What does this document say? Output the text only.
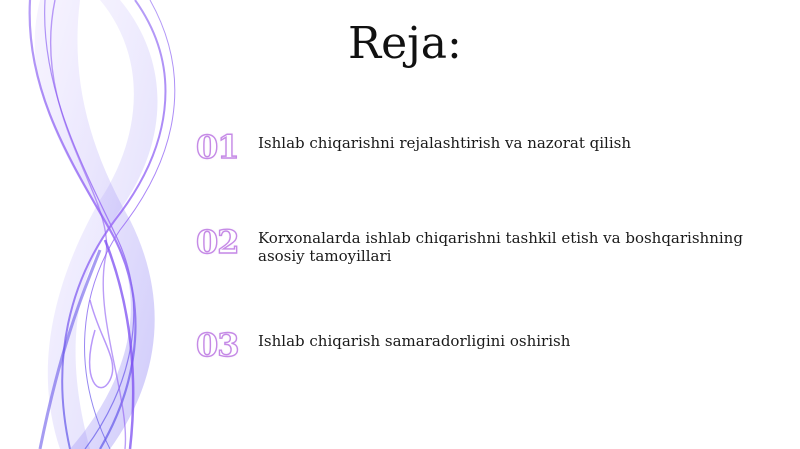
Reja:
01	Ishlab chiqarishni rejalashtirish va nazorat qilish
02	Korxonalarda ishlab chiqarishni tashkil etish va boshqarishning asosiy tamoyillari
03	Ishlab chiqarish samaradorligini oshirish
